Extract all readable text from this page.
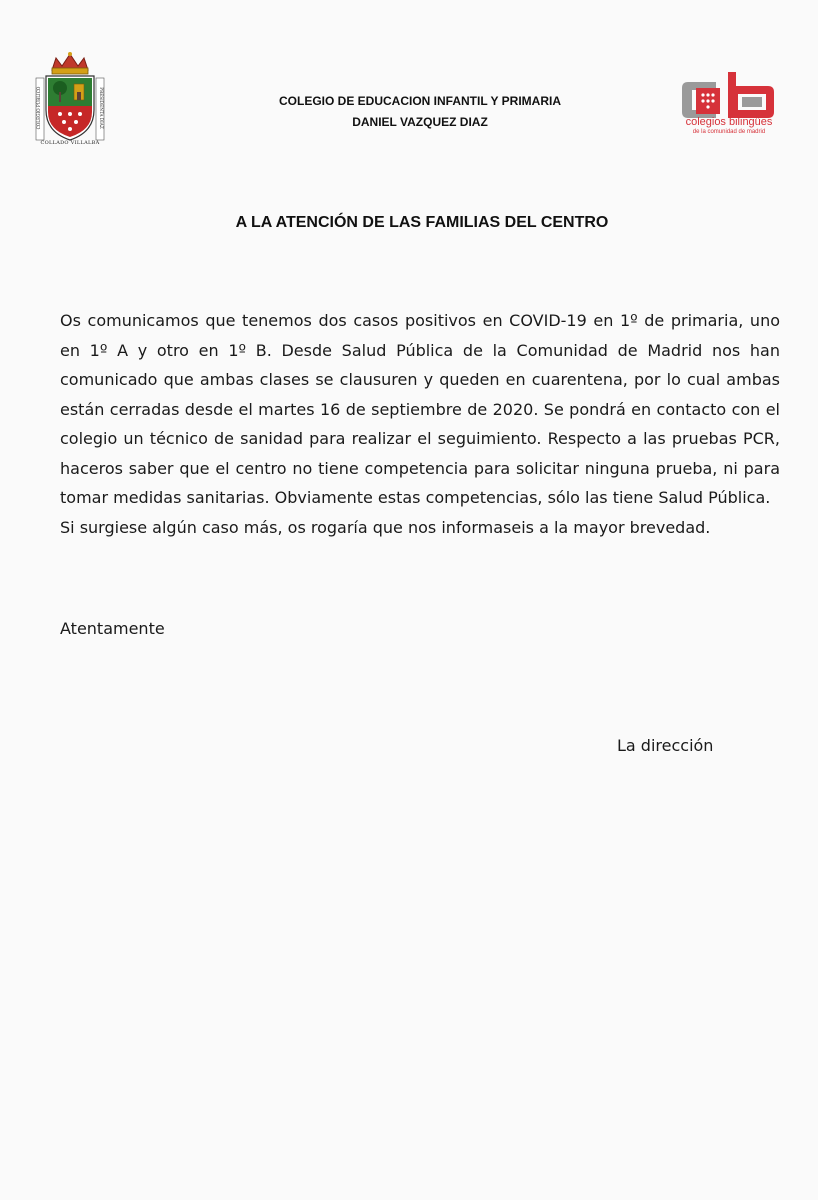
COLEGIO PÚBLICO	PRESIDENTA DIAZ
COLLADO VILLALBA
COLEGIO DE EDUCACION INFANTIL Y PRIMARIA
DANIEL VAZQUEZ DIAZ	colegios bilingües
de la comunidad de madrid
A LA ATENCIÓN DE LAS FAMILIAS DEL CENTRO

Os comunicamos que tenemos dos casos positivos en COVID-19 en 1º de primaria, uno en 1º A y otro en 1º B. Desde Salud Pública de la Comunidad de Madrid nos han comunicado que ambas clases se clausuren y queden en cuarentena, por lo cual ambas están cerradas desde el martes 16 de septiembre de 2020. Se pondrá en contacto con el colegio un técnico de sanidad para realizar el seguimiento. Respecto a las pruebas PCR, haceros saber que el centro no tiene competencia para solicitar ninguna prueba, ni para tomar medidas sanitarias. Obviamente estas competencias, sólo las tiene Salud Pública.

Si surgiese algún caso más, os rogaría que nos informaseis a la mayor brevedad.

Atentamente
La dirección
